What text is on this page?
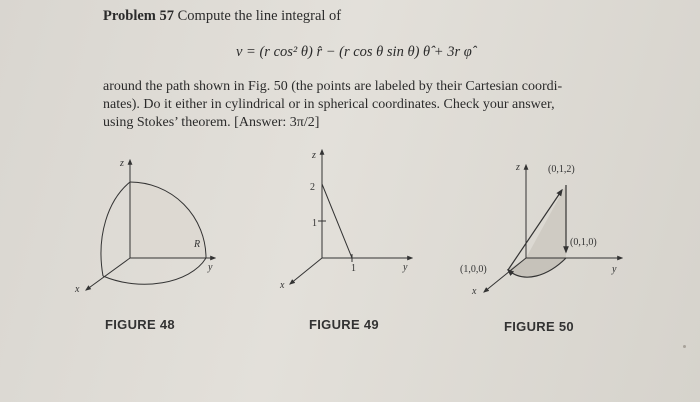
Problem 57 Compute the line integral of
v = (r cos² θ) r̂ − (r cos θ sin θ) θ̂ + 3r φ̂
around the path shown in Fig. 50 (the points are labeled by their Cartesian coordi-
nates). Do it either in cylindrical or in spherical coordinates. Check your answer,
using Stokes’ theorem. [Answer: 3π/2]
z
y
x
R
z
y
x
2
1
1
z
y
x
(0,1,2)
(0,1,0)
(1,0,0)
FIGURE 48	FIGURE 49	FIGURE 50
